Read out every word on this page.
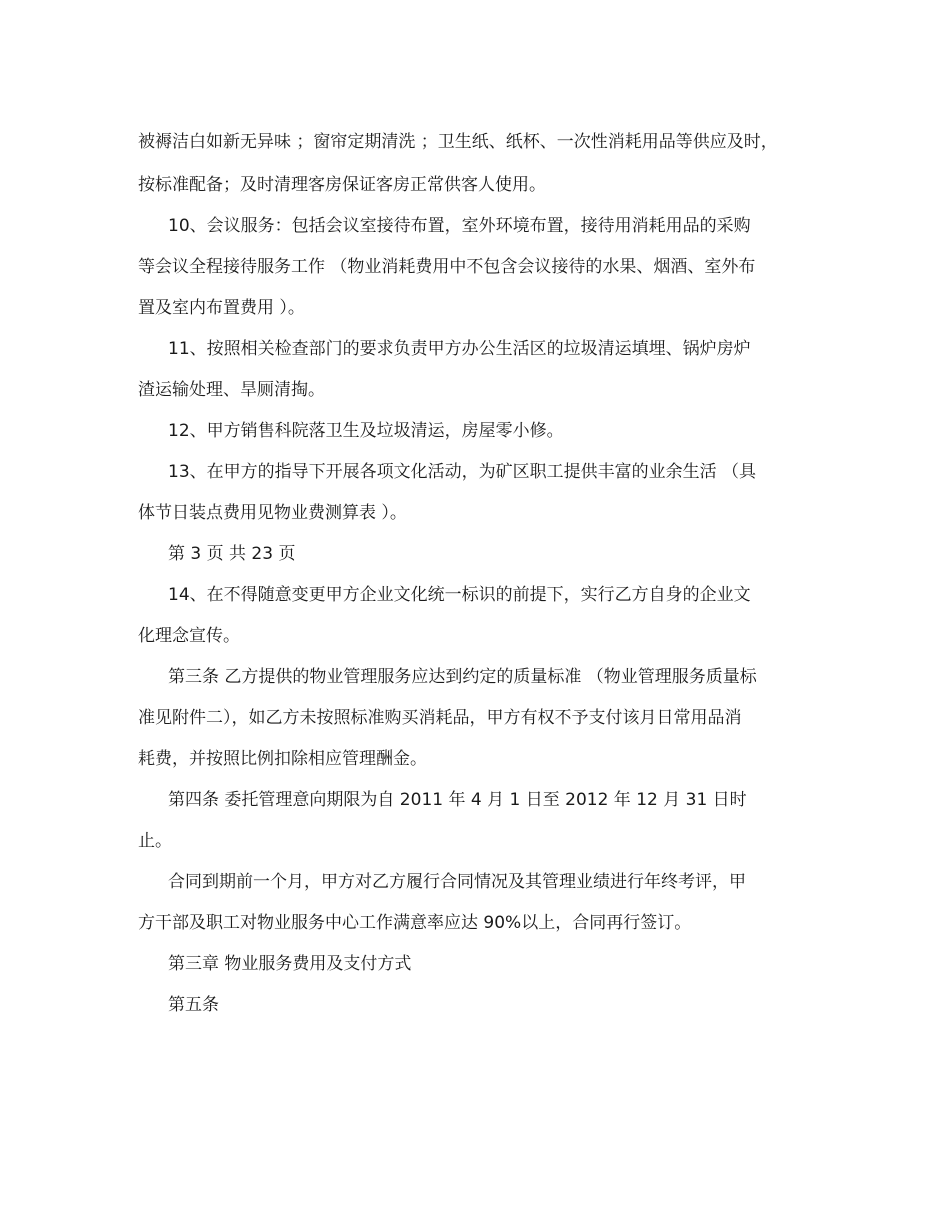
被褥洁白如新无异味 ；窗帘定期清洗 ；卫生纸、纸杯、一次性消耗用品等供应及时，

按标准配备；及时清理客房保证客房正常供客人使用。

10、会议服务：包括会议室接待布置，室外环境布置，接待用消耗用品的采购

等会议全程接待服务工作 （物业消耗费用中不包含会议接待的水果、烟酒、室外布

置及室内布置费用 ）。

11、按照相关检查部门的要求负责甲方办公生活区的垃圾清运填埋、锅炉房炉

渣运输处理、旱厕清掏。

12、甲方销售科院落卫生及垃圾清运，房屋零小修。

13、在甲方的指导下开展各项文化活动，为矿区职工提供丰富的业余生活 （具

体节日装点费用见物业费测算表 ）。

第 3 页 共 23 页

14、在不得随意变更甲方企业文化统一标识的前提下，实行乙方自身的企业文

化理念宣传。

第三条 乙方提供的物业管理服务应达到约定的质量标准 （物业管理服务质量标

准见附件二），如乙方未按照标准购买消耗品，甲方有权不予支付该月日常用品消

耗费，并按照比例扣除相应管理酬金。

第四条 委托管理意向期限为自 2011 年 4 月 1 日至 2012 年 12 月 31 日时

止。

合同到期前一个月，甲方对乙方履行合同情况及其管理业绩进行年终考评，甲

方干部及职工对物业服务中心工作满意率应达 90%以上，合同再行签订。

第三章 物业服务费用及支付方式

第五条
